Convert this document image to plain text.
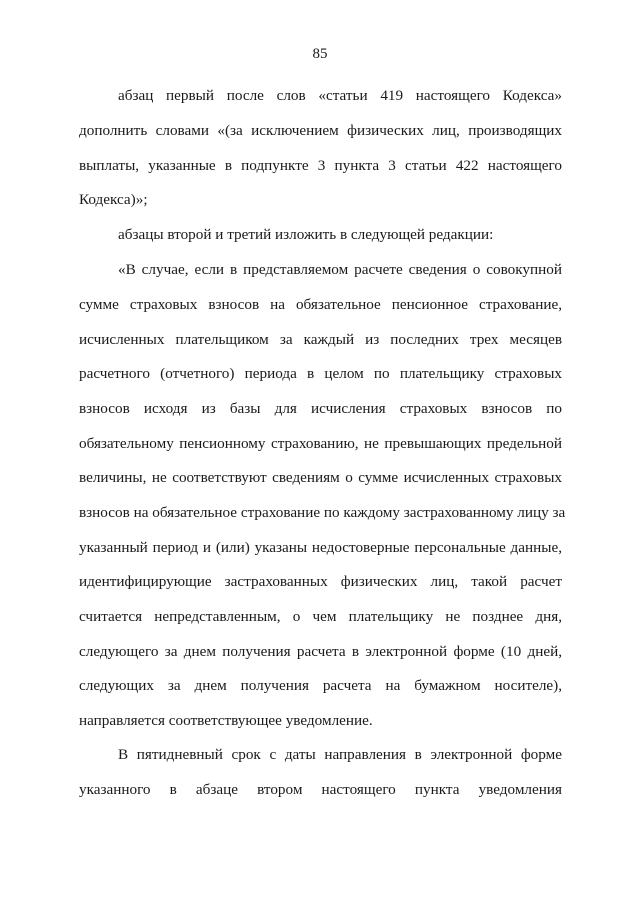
85
абзац первый после слов «статьи 419 настоящего Кодекса»
дополнить словами «(за исключением физических лиц, производящих
выплаты, указанные в подпункте 3 пункта 3 статьи 422 настоящего
Кодекса)»;
абзацы второй и третий изложить в следующей редакции:
«В случае, если в представляемом расчете сведения о совокупной
сумме страховых взносов на обязательное пенсионное страхование,
исчисленных плательщиком за каждый из последних трех месяцев
расчетного (отчетного) периода в целом по плательщику страховых
взносов исходя из базы для исчисления страховых взносов по
обязательному пенсионному страхованию, не превышающих предельной
величины, не соответствуют сведениям о сумме исчисленных страховых
взносов на обязательное страхование по каждому застрахованному лицу за
указанный период и (или) указаны недостоверные персональные данные,
идентифицирующие застрахованных физических лиц, такой расчет
считается непредставленным, о чем плательщику не позднее дня,
следующего за днем получения расчета в электронной форме (10 дней,
следующих за днем получения расчета на бумажном носителе),
направляется соответствующее уведомление.
В пятидневный срок с даты направления в электронной форме
указанного в абзаце втором настоящего пункта уведомления
